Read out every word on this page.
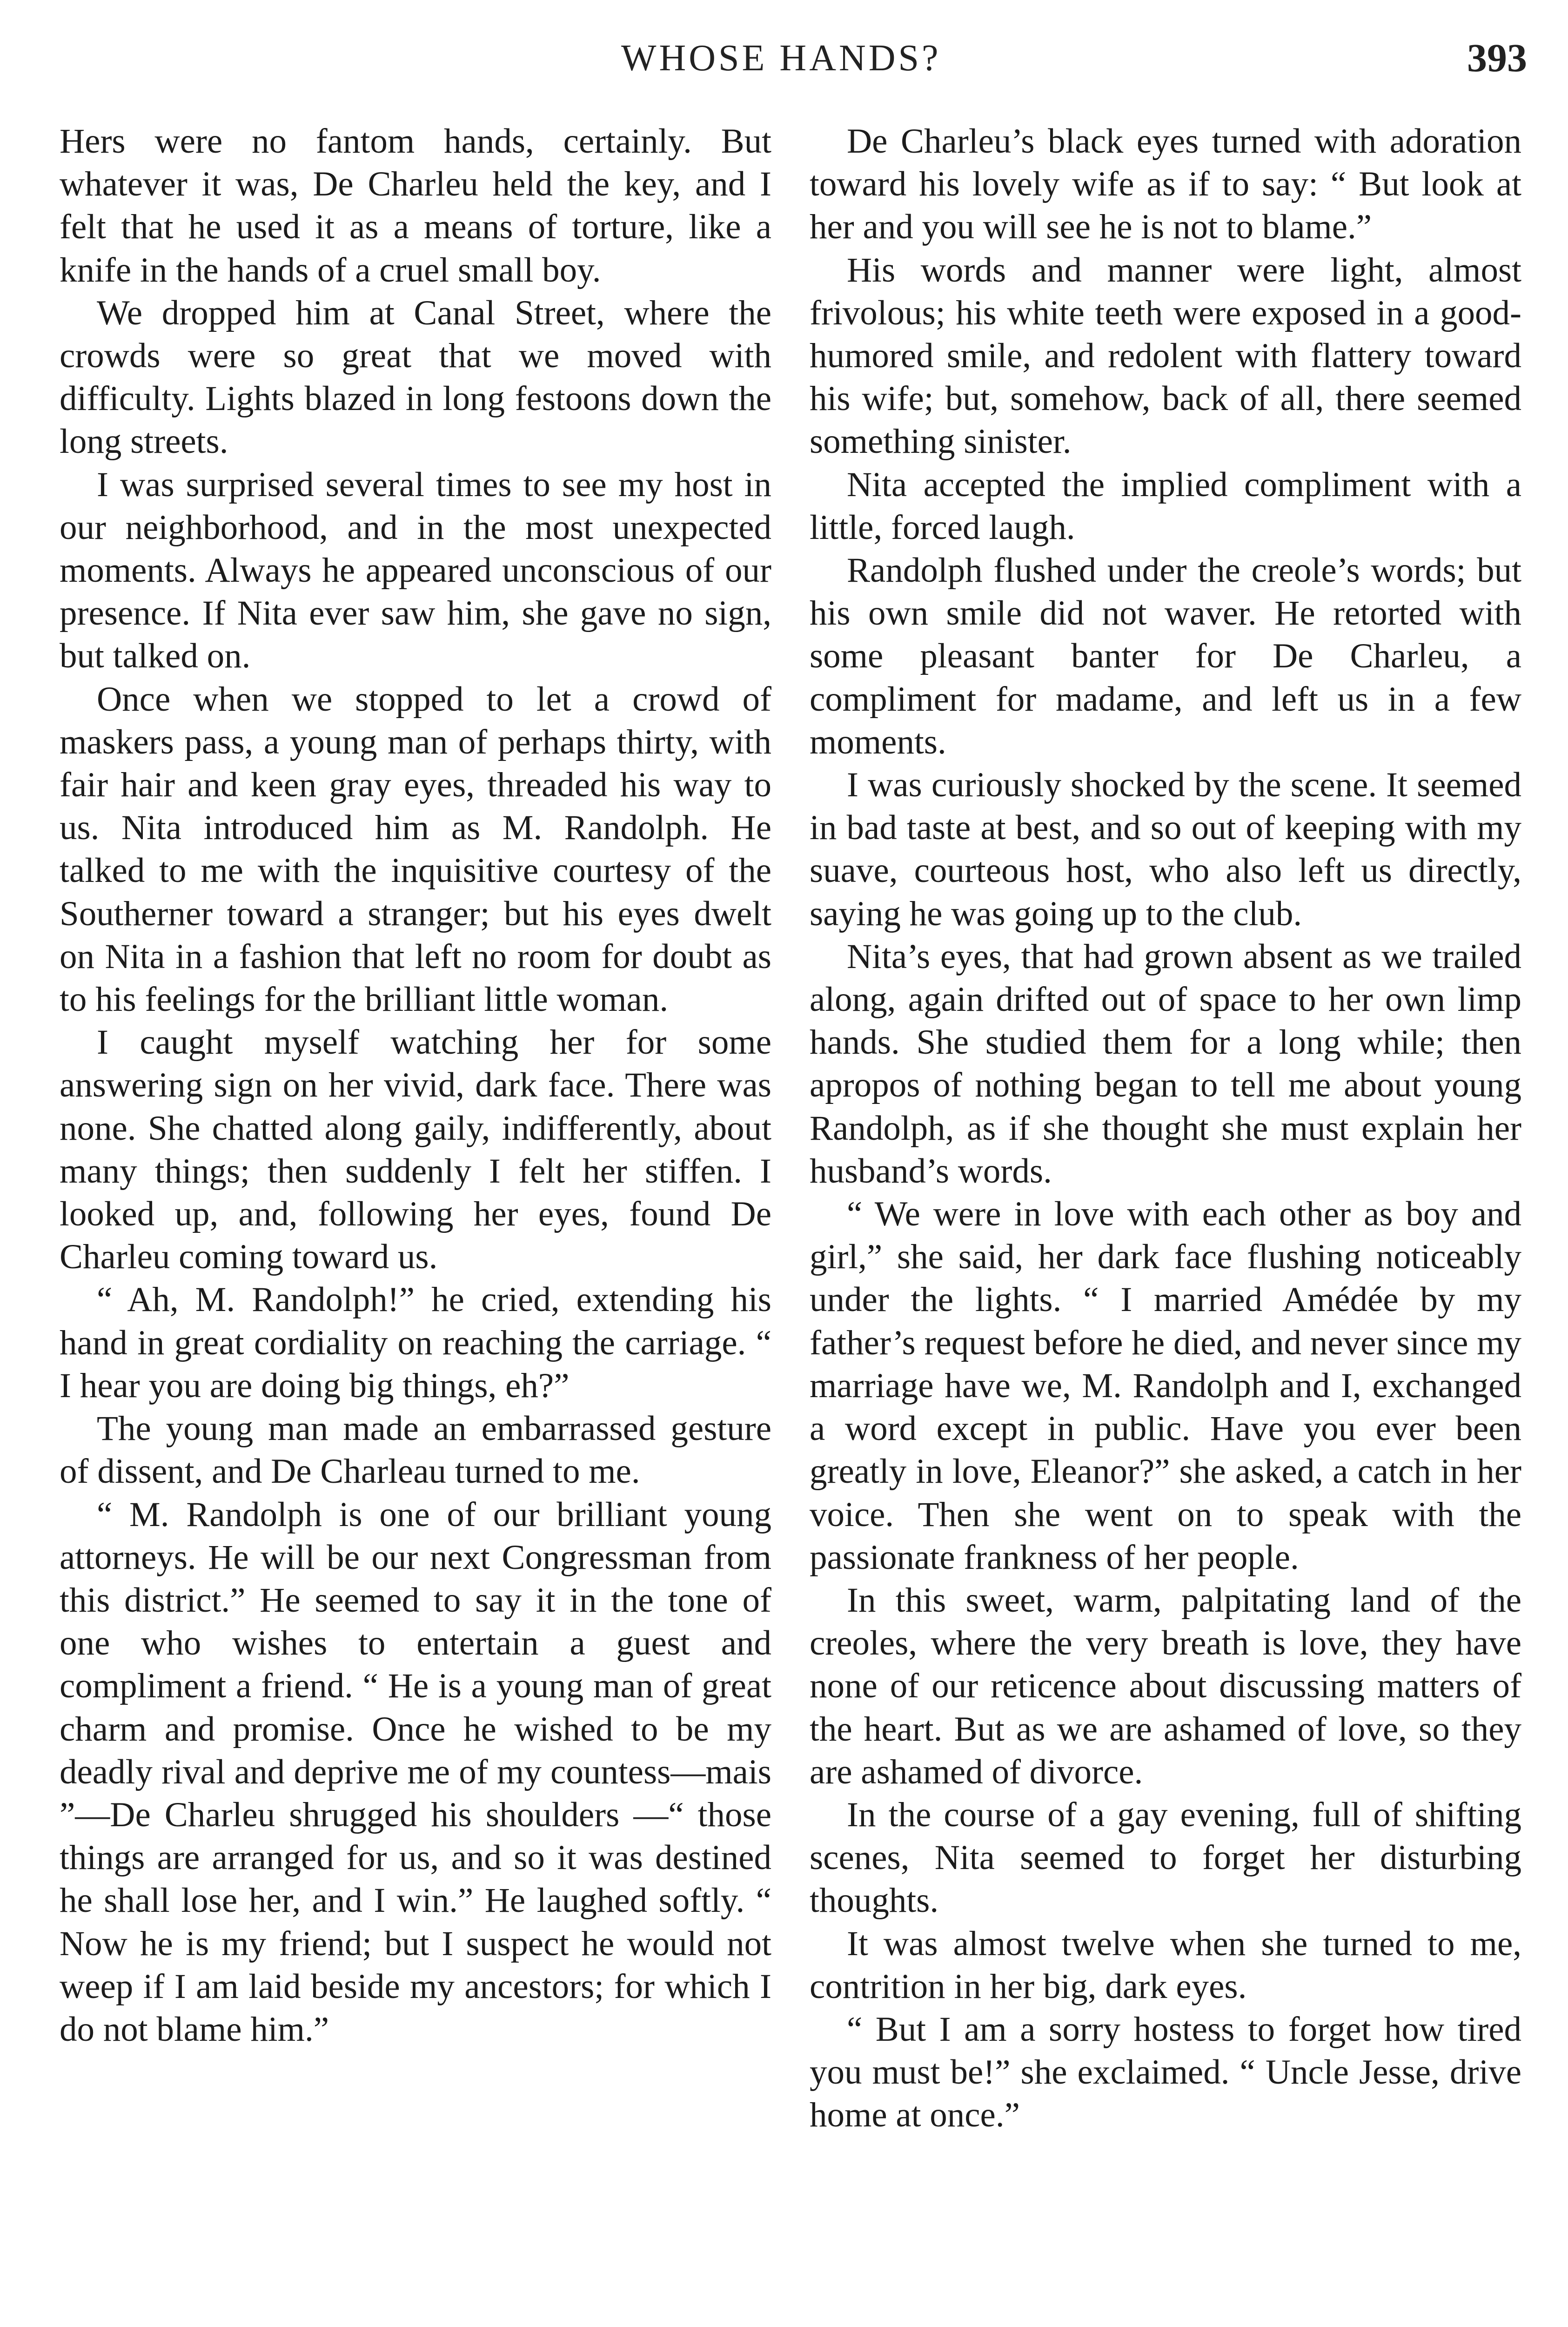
WHOSE HANDS?	393

Hers were no fantom hands, certainly. But whatever it was, De Charleu held the key, and I felt that he used it as a means of torture, like a knife in the hands of a cruel small boy.

We dropped him at Canal Street, where the crowds were so great that we moved with difficulty. Lights blazed in long festoons down the long streets.

I was surprised several times to see my host in our neighborhood, and in the most unexpected moments. Always he appeared unconscious of our presence. If Nita ever saw him, she gave no sign, but talked on.

Once when we stopped to let a crowd of maskers pass, a young man of perhaps thirty, with fair hair and keen gray eyes, threaded his way to us. Nita introduced him as M. Randolph. He talked to me with the inquisitive courtesy of the Southerner toward a stranger; but his eyes dwelt on Nita in a fashion that left no room for doubt as to his feelings for the brilliant little woman.

I caught myself watching her for some answering sign on her vivid, dark face. There was none. She chatted along gaily, indifferently, about many things; then suddenly I felt her stiffen. I looked up, and, following her eyes, found De Charleu coming toward us.

“ Ah, M. Randolph!” he cried, extending his hand in great cordiality on reaching the carriage. “ I hear you are doing big things, eh?”

The young man made an embarrassed gesture of dissent, and De Charleau turned to me.

“ M. Randolph is one of our brilliant young attorneys. He will be our next Congressman from this district.” He seemed to say it in the tone of one who wishes to entertain a guest and compliment a friend. “ He is a young man of great charm and promise. Once he wished to be my deadly rival and deprive me of my countess—mais ”—De Charleu shrugged his shoulders —“ those things are arranged for us, and so it was destined he shall lose her, and I win.” He laughed softly. “ Now he is my friend; but I suspect he would not weep if I am laid beside my ancestors; for which I do not blame him.”

De Charleu’s black eyes turned with adoration toward his lovely wife as if to say: “ But look at her and you will see he is not to blame.”

His words and manner were light, almost frivolous; his white teeth were exposed in a good-humored smile, and redolent with flattery toward his wife; but, somehow, back of all, there seemed something sinister.

Nita accepted the implied compliment with a little, forced laugh.

Randolph flushed under the creole’s words; but his own smile did not waver. He retorted with some pleasant banter for De Charleu, a compliment for madame, and left us in a few moments.

I was curiously shocked by the scene. It seemed in bad taste at best, and so out of keeping with my suave, courteous host, who also left us directly, saying he was going up to the club.

Nita’s eyes, that had grown absent as we trailed along, again drifted out of space to her own limp hands. She studied them for a long while; then apropos of nothing began to tell me about young Randolph, as if she thought she must explain her husband’s words.

“ We were in love with each other as boy and girl,” she said, her dark face flushing noticeably under the lights. “ I married Amédée by my father’s request before he died, and never since my marriage have we, M. Randolph and I, exchanged a word except in public. Have you ever been greatly in love, Eleanor?” she asked, a catch in her voice. Then she went on to speak with the passionate frankness of her people.

In this sweet, warm, palpitating land of the creoles, where the very breath is love, they have none of our reticence about discussing matters of the heart. But as we are ashamed of love, so they are ashamed of divorce.

In the course of a gay evening, full of shifting scenes, Nita seemed to forget her disturbing thoughts.

It was almost twelve when she turned to me, contrition in her big, dark eyes.

“ But I am a sorry hostess to forget how tired you must be!” she exclaimed. “ Uncle Jesse, drive home at once.”
